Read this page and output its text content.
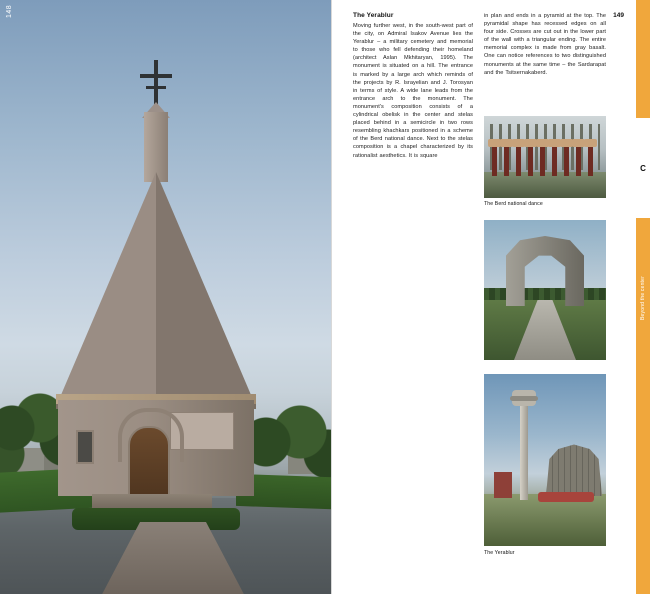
148	149

The Yerablur

Moving further west, in the south-west part of the city, on Admiral Isakov Avenue lies the Yerablur – a military cemetery and memorial to those who fell defending their homeland (architect Aslan Mkhitaryan, 1995). The monument is situated on a hill. The entrance is marked by a large arch which reminds of the projects by R. Israyelian and J. Torosyan in terms of style. A wide lane leads from the entrance arch to the monument. The monument's composition consists of a cylindrical obelisk in the center and stelas placed behind in a semicircle in two rows resembling khachkars positioned in a scheme of the Berd national dance. Next to the stelas composition is a chapel characterized by its rationalist aesthetics. It is square

in plan and ends in a pyramid at the top. The pyramidal shape has recessed edges on all four side. Crosses are cut out in the lower part of the wall with a triangular ending. The entire memorial complex is made from gray basalt. One can notice references to two distinguished monuments at the same time – the Sardarapat and the Tsitsernakaberd.

The Berd national dance
The Yerablur
C
Beyond the center
